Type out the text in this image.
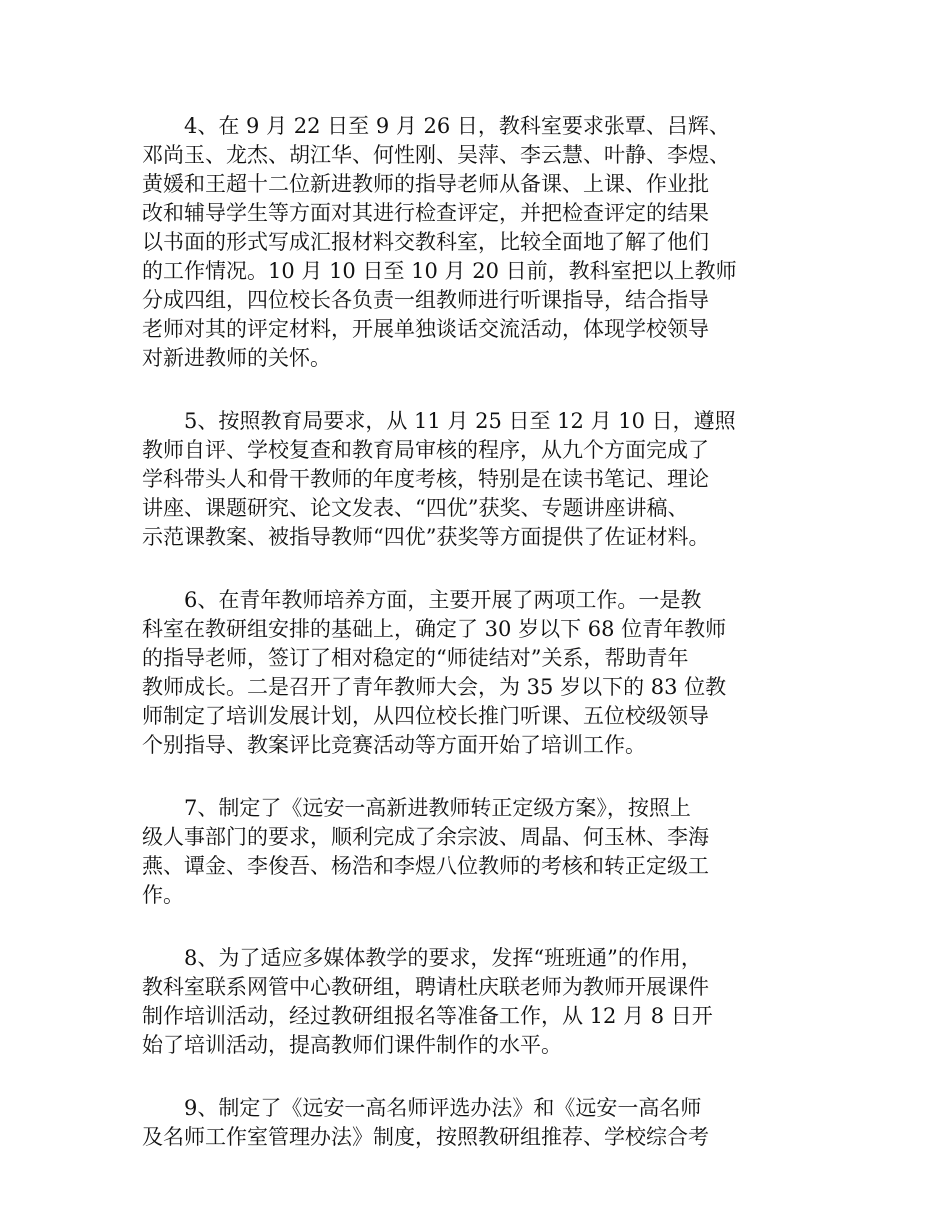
4、在 9 月 22 日至 9 月 26 日，教科室要求张覃、吕辉、
邓尚玉、龙杰、胡江华、何性刚、吴萍、李云慧、叶静、李煜、
黄媛和王超十二位新进教师的指导老师从备课、上课、作业批
改和辅导学生等方面对其进行检查评定，并把检查评定的结果
以书面的形式写成汇报材料交教科室，比较全面地了解了他们
的工作情况。10 月 10 日至 10 月 20 日前，教科室把以上教师
分成四组，四位校长各负责一组教师进行听课指导，结合指导
老师对其的评定材料，开展单独谈话交流活动，体现学校领导
对新进教师的关怀。
5、按照教育局要求，从 11 月 25 日至 12 月 10 日，遵照
教师自评、学校复查和教育局审核的程序，从九个方面完成了
学科带头人和骨干教师的年度考核，特别是在读书笔记、理论
讲座、课题研究、论文发表、“四优”获奖、专题讲座讲稿、
示范课教案、被指导教师“四优”获奖等方面提供了佐证材料。
6、在青年教师培养方面，主要开展了两项工作。一是教
科室在教研组安排的基础上，确定了 30 岁以下 68 位青年教师
的指导老师，签订了相对稳定的“师徒结对”关系，帮助青年
教师成长。二是召开了青年教师大会，为 35 岁以下的 83 位教
师制定了培训发展计划，从四位校长推门听课、五位校级领导
个别指导、教案评比竞赛活动等方面开始了培训工作。
7、制定了《远安一高新进教师转正定级方案》，按照上
级人事部门的要求，顺利完成了余宗波、周晶、何玉林、李海
燕、谭金、李俊吾、杨浩和李煜八位教师的考核和转正定级工
作。
8、为了适应多媒体教学的要求，发挥“班班通”的作用，
教科室联系网管中心教研组，聘请杜庆联老师为教师开展课件
制作培训活动，经过教研组报名等准备工作，从 12 月 8 日开
始了培训活动，提高教师们课件制作的水平。
9、制定了《远安一高名师评选办法》和《远安一高名师
及名师工作室管理办法》制度，按照教研组推荐、学校综合考
